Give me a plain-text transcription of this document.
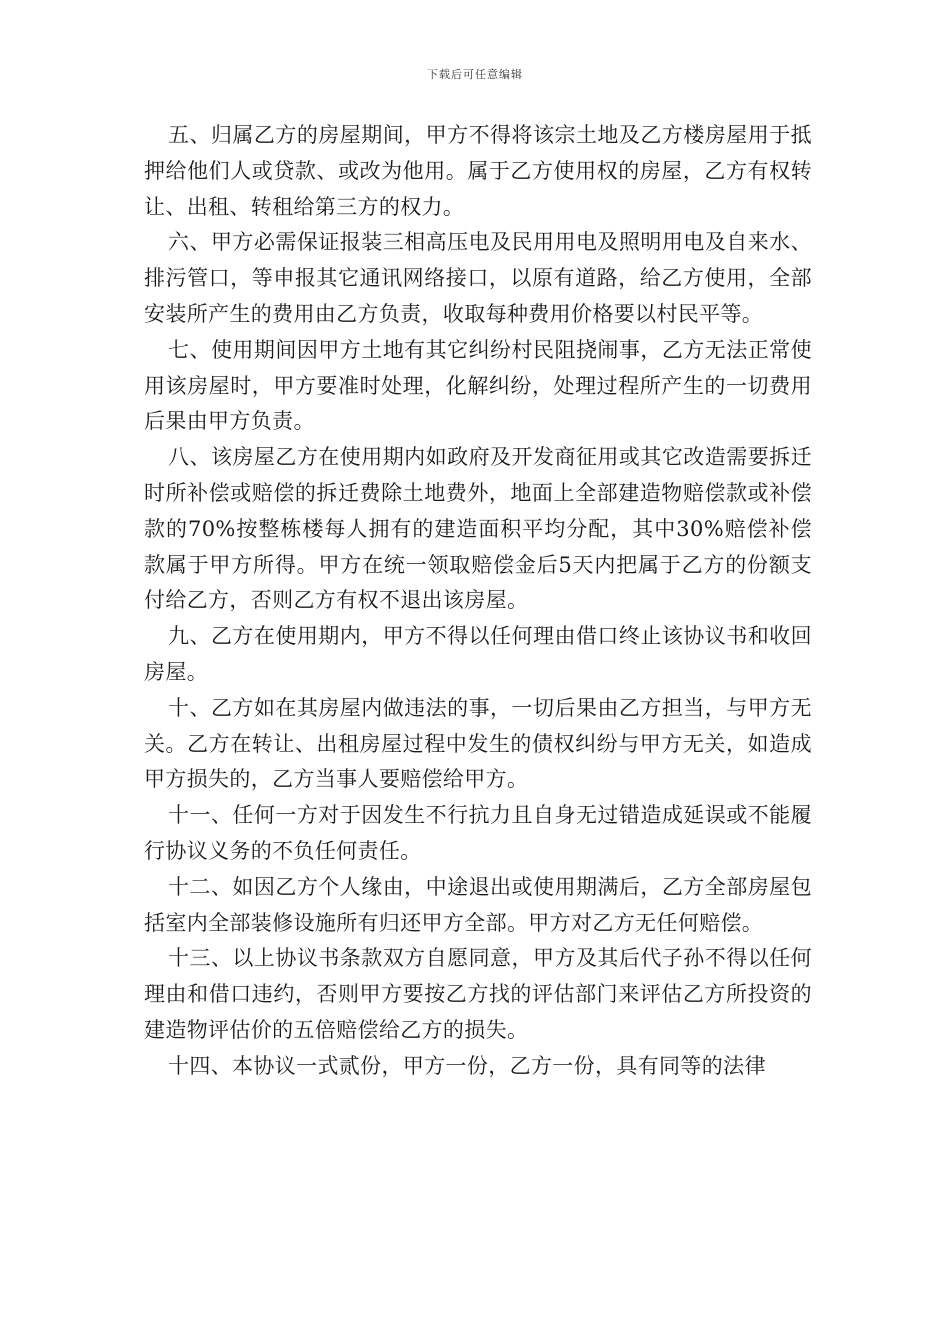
下载后可任意编辑

五、归属乙方的房屋期间，甲方不得将该宗土地及乙方楼房屋用于抵押给他们人或贷款、或改为他用。属于乙方使用权的房屋，乙方有权转让、出租、转租给第三方的权力。

六、甲方必需保证报装三相高压电及民用用电及照明用电及自来水、排污管口，等申报其它通讯网络接口，以原有道路，给乙方使用，全部安装所产生的费用由乙方负责，收取每种费用价格要以村民平等。

七、使用期间因甲方土地有其它纠纷村民阻挠闹事，乙方无法正常使用该房屋时，甲方要准时处理，化解纠纷，处理过程所产生的一切费用后果由甲方负责。

八、该房屋乙方在使用期内如政府及开发商征用或其它改造需要拆迁时所补偿或赔偿的拆迁费除土地费外，地面上全部建造物赔偿款或补偿款的70%按整栋楼每人拥有的建造面积平均分配，其中30%赔偿补偿款属于甲方所得。甲方在统一领取赔偿金后5天内把属于乙方的份额支付给乙方，否则乙方有权不退出该房屋。

九、乙方在使用期内，甲方不得以任何理由借口终止该协议书和收回房屋。

十、乙方如在其房屋内做违法的事，一切后果由乙方担当，与甲方无关。乙方在转让、出租房屋过程中发生的债权纠纷与甲方无关，如造成甲方损失的，乙方当事人要赔偿给甲方。

十一、任何一方对于因发生不行抗力且自身无过错造成延误或不能履行协议义务的不负任何责任。

十二、如因乙方个人缘由，中途退出或使用期满后，乙方全部房屋包括室内全部装修设施所有归还甲方全部。甲方对乙方无任何赔偿。

十三、以上协议书条款双方自愿同意，甲方及其后代子孙不得以任何理由和借口违约，否则甲方要按乙方找的评估部门来评估乙方所投资的建造物评估价的五倍赔偿给乙方的损失。

十四、本协议一式贰份，甲方一份，乙方一份，具有同等的法律
